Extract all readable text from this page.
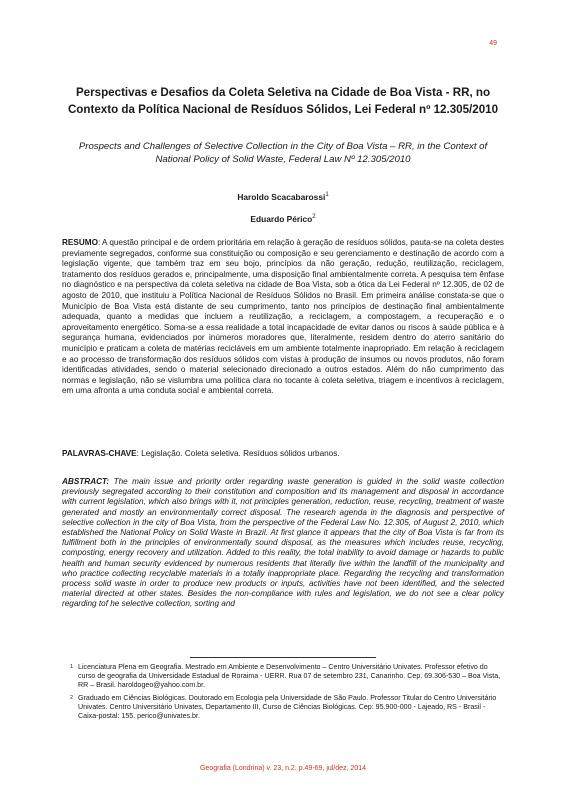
49
Perspectivas e Desafios da Coleta Seletiva na Cidade de Boa Vista - RR, no Contexto da Política Nacional de Resíduos Sólidos, Lei Federal nº 12.305/2010
Prospects and Challenges of Selective Collection in the City of Boa Vista – RR, in the Context of National Policy of Solid Waste, Federal Law Nº 12.305/2010
Haroldo Scacabarossi$^1$
Eduardo Périco$^2$
RESUMO: A questão principal e de ordem prioritária em relação à geração de resíduos sólidos, pauta-se na coleta destes previamente segregados, conforme sua constituição ou composição e seu gerenciamento e destinação de acordo com a legislação vigente, que também traz em seu bojo, princípios da não geração, redução, reutilização, reciclagem, tratamento dos resíduos gerados e, principalmente, uma disposição final ambientalmente correta. A pesquisa tem ênfase no diagnóstico e na perspectiva da coleta seletiva na cidade de Boa Vista, sob a ótica da Lei Federal nº 12.305, de 02 de agosto de 2010, que instituiu a Política Nacional de Resíduos Sólidos no Brasil. Em primeira análise constata-se que o Município de Boa Vista está distante de seu cumprimento, tanto nos princípios de destinação final ambientalmente adequada, quanto a medidas que incluem a reutilização, a reciclagem, a compostagem, a recuperação e o aproveitamento energético. Soma-se a essa realidade a total incapacidade de evitar danos ou riscos à saúde pública e à segurança humana, evidenciados por inúmeros moradores que, literalmente, residem dentro do aterro sanitário do município e praticam a coleta de matérias recicláveis em um ambiente totalmente inapropriado. Em relação à reciclagem e ao processo de transformação dos resíduos sólidos com vistas à produção de insumos ou novos produtos, não foram identificadas atividades, sendo o material selecionado direcionado a outros estados. Além do não cumprimento das normas e legislação, não se vislumbra uma política clara no tocante à coleta seletiva, triagem e incentivos à reciclagem, em uma afronta a uma conduta social e ambiental correta.
PALAVRAS-CHAVE: Legislação. Coleta seletiva. Resíduos sólidos urbanos.
ABSTRACT: The main issue and priority order regarding waste generation is guided in the solid waste collection previously segregated according to their constitution and composition and its management and disposal in accordance with current legislation, which also brings with it, not principles generation, reduction, reuse, recycling, treatment of waste generated and mostly an environmentally correct disposal. The research agenda in the diagnosis and perspective of selective collection in the city of Boa Vista, from the perspective of the Federal Law No. 12.305, of August 2, 2010, which established the National Policy on Solid Waste in Brazil. At first glance it appears that the city of Boa Vista is far from its fulfillment both in the principles of environmentally sound disposal, as the measures which includes reuse, recycling, composting, energy recovery and utilization. Added to this reality, the total inability to avoid damage or hazards to public health and human security evidenced by numerous residents that literally live within the landfill of the municipality and who practice collecting recyclable materials in a totally inappropriate place. Regarding the recycling and transformation process solid waste in order to produce new products or inputs, activities have not been identified, and the selected material directed at other states. Besides the non-compliance with rules and legislation, we do not see a clear policy regarding tof he selective collection, sorting and
1 Licenciatura Plena em Geografia. Mestrado em Ambiente e Desenvolvimento – Centro Universitário Univates. Professor efetivo do curso de geografia da Universidade Estadual de Roraima - UERR. Rua 07 de setembro 231, Canarinho. Cep. 69.306-530 – Boa Vista, RR – Brasil. haroldogeo@yahoo.com.br.
2 Graduado em Ciências Biológicas. Doutorado em Ecologia pela Universidade de São Paulo. Professor Titular do Centro Universitário Univates. Centro Universitário Univates, Departamento III, Curso de Ciências Biológicas. Cep: 95.900-000 - Lajeado, RS - Brasil - Caixa-postal: 155. perico@univates.br.
Geografia (Londrina) v. 23, n.2. p.49-69, jul/dez, 2014
